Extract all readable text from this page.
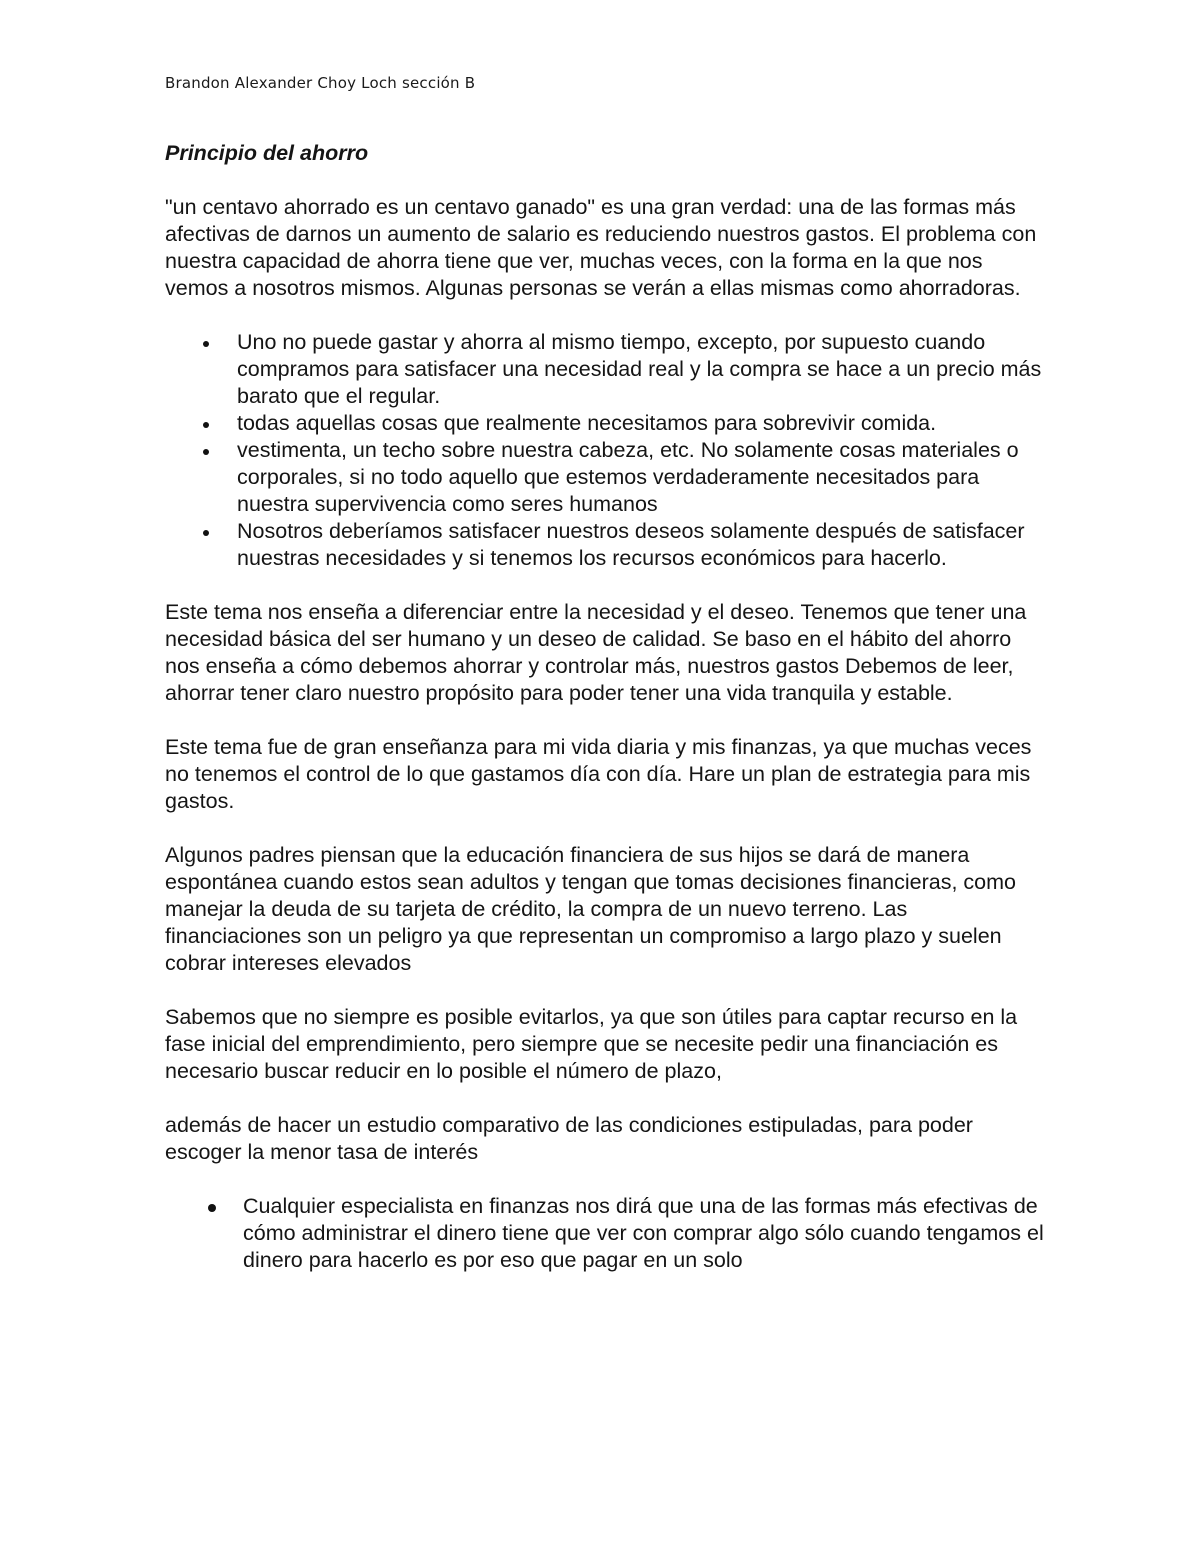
Brandon Alexander Choy Loch sección B
Principio del ahorro

"un centavo ahorrado es un centavo ganado" es una gran verdad: una de las formas más afectivas de darnos un aumento de salario es reduciendo nuestros gastos. El problema con nuestra capacidad de ahorra tiene que ver, muchas veces, con la forma en la que nos vemos a nosotros mismos. Algunas personas se verán a ellas mismas como ahorradoras.

Uno no puede gastar y ahorra al mismo tiempo, excepto, por supuesto cuando compramos para satisfacer una necesidad real y la compra se hace a un precio más barato que el regular.
todas aquellas cosas que realmente necesitamos para sobrevivir comida.
vestimenta, un techo sobre nuestra cabeza, etc. No solamente cosas materiales o corporales, si no todo aquello que estemos verdaderamente necesitados para nuestra supervivencia como seres humanos
Nosotros deberíamos satisfacer nuestros deseos solamente después de satisfacer nuestras necesidades y si tenemos los recursos económicos para hacerlo.

Este tema nos enseña a diferenciar entre la necesidad y el deseo. Tenemos que tener una necesidad básica del ser humano y un deseo de calidad. Se baso en el hábito del ahorro nos enseña a cómo debemos ahorrar y controlar más, nuestros gastos Debemos de leer, ahorrar tener claro nuestro propósito para poder tener una vida tranquila y estable.

Este tema fue de gran enseñanza para mi vida diaria y mis finanzas, ya que muchas veces no tenemos el control de lo que gastamos día con día. Hare un plan de estrategia para mis gastos.

Algunos padres piensan que la educación financiera de sus hijos se dará de manera espontánea cuando estos sean adultos y tengan que tomas decisiones financieras, como manejar la deuda de su tarjeta de crédito, la compra de un nuevo terreno. Las financiaciones son un peligro ya que representan un compromiso a largo plazo y suelen cobrar intereses elevados

Sabemos que no siempre es posible evitarlos, ya que son útiles para captar recurso en la fase inicial del emprendimiento, pero siempre que se necesite pedir una financiación es necesario buscar reducir en lo posible el número de plazo,

además de hacer un estudio comparativo de las condiciones estipuladas, para poder escoger la menor tasa de interés

Cualquier especialista en finanzas nos dirá que una de las formas más efectivas de cómo administrar el dinero tiene que ver con comprar algo sólo cuando tengamos el dinero para hacerlo es por eso que pagar en un solo
